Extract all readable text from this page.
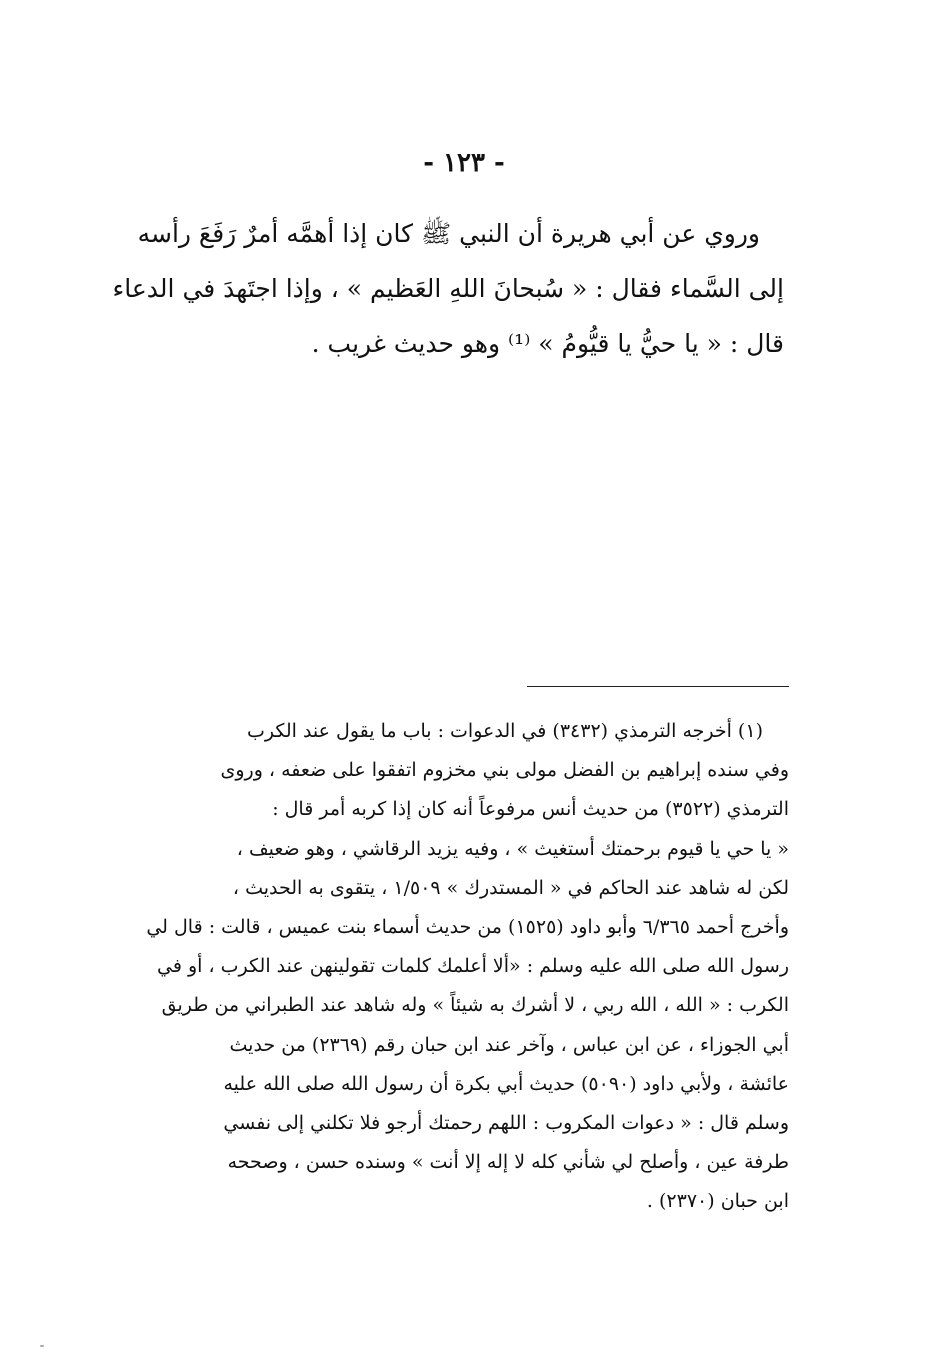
- ١٢٣ -
وروي عن أبي هريرة أن النبي ﷺ كان إذا أهمَّه أمرٌ رَفَعَ رأسه
إلى السَّماء فقال : « سُبحانَ اللهِ العَظيم » ، وإذا اجتَهدَ في الدعاء
قال : « يا حيُّ يا قيُّومُ » ⁽¹⁾ وهو حديث غريب .
(١) أخرجه الترمذي (٣٤٣٢) في الدعوات : باب ما يقول عند الكرب
وفي سنده إبراهيم بن الفضل مولى بني مخزوم اتفقوا على ضعفه ، وروى
الترمذي (٣٥٢٢) من حديث أنس مرفوعاً أنه كان إذا كربه أمر قال :
« يا حي يا قيوم برحمتك أستغيث » ، وفيه يزيد الرقاشي ، وهو ضعيف ،
لكن له شاهد عند الحاكم في « المستدرك » ١/٥٠٩ ، يتقوى به الحديث ،
وأخرج أحمد ٦/٣٦٥ وأبو داود (١٥٢٥) من حديث أسماء بنت عميس ، قالت : قال لي
رسول الله صلى الله عليه وسلم : «ألا أعلمك كلمات تقولينهن عند الكرب ، أو في
الكرب : « الله ، الله ربي ، لا أشرك به شيئاً » وله شاهد عند الطبراني من طريق
أبي الجوزاء ، عن ابن عباس ، وآخر عند ابن حبان رقم (٢٣٦٩) من حديث
عائشة ، ولأبي داود (٥٠٩٠) حديث أبي بكرة أن رسول الله صلى الله عليه
وسلم قال : « دعوات المكروب : اللهم رحمتك أرجو فلا تكلني إلى نفسي
طرفة عين ، وأصلح لي شأني كله لا إله إلا أنت » وسنده حسن ، وصححه
ابن حبان (٢٣٧٠) .
